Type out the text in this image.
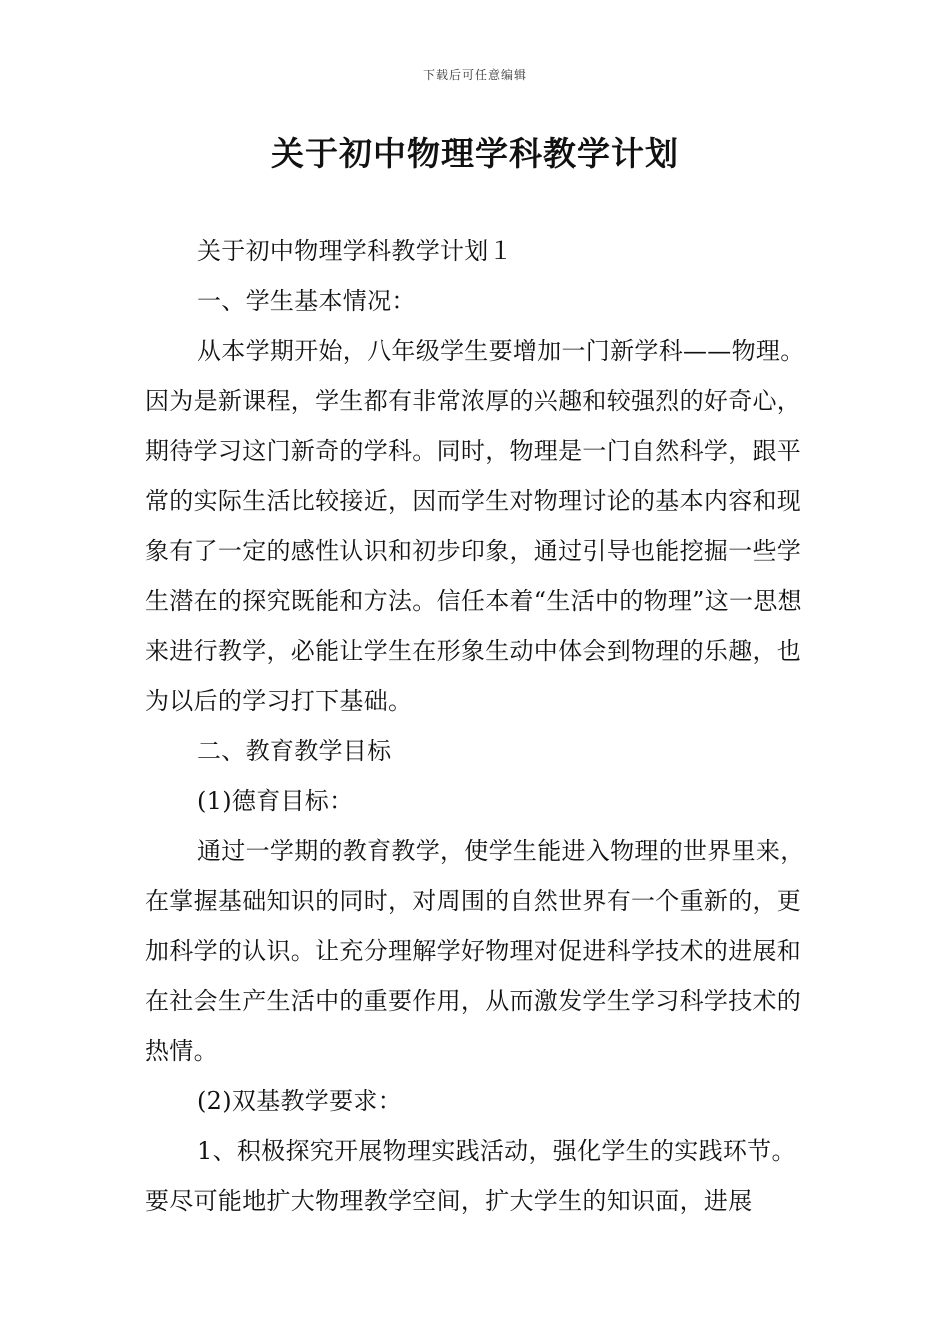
下载后可任意编辑
关于初中物理学科教学计划

关于初中物理学科教学计划１

一、学生基本情况：

从本学期开始，八年级学生要增加一门新学科——物理。因为是新课程，学生都有非常浓厚的兴趣和较强烈的好奇心，期待学习这门新奇的学科。同时，物理是一门自然科学，跟平常的实际生活比较接近，因而学生对物理讨论的基本内容和现象有了一定的感性认识和初步印象，通过引导也能挖掘一些学生潜在的探究既能和方法。信任本着“生活中的物理”这一思想来进行教学，必能让学生在形象生动中体会到物理的乐趣，也为以后的学习打下基础。

二、教育教学目标

(1)德育目标：

通过一学期的教育教学，使学生能进入物理的世界里来，在掌握基础知识的同时，对周围的自然世界有一个重新的，更加科学的认识。让充分理解学好物理对促进科学技术的进展和在社会生产生活中的重要作用，从而激发学生学习科学技术的热情。

(2)双基教学要求：

1、积极探究开展物理实践活动，强化学生的实践环节。要尽可能地扩大物理教学空间，扩大学生的知识面，进展
